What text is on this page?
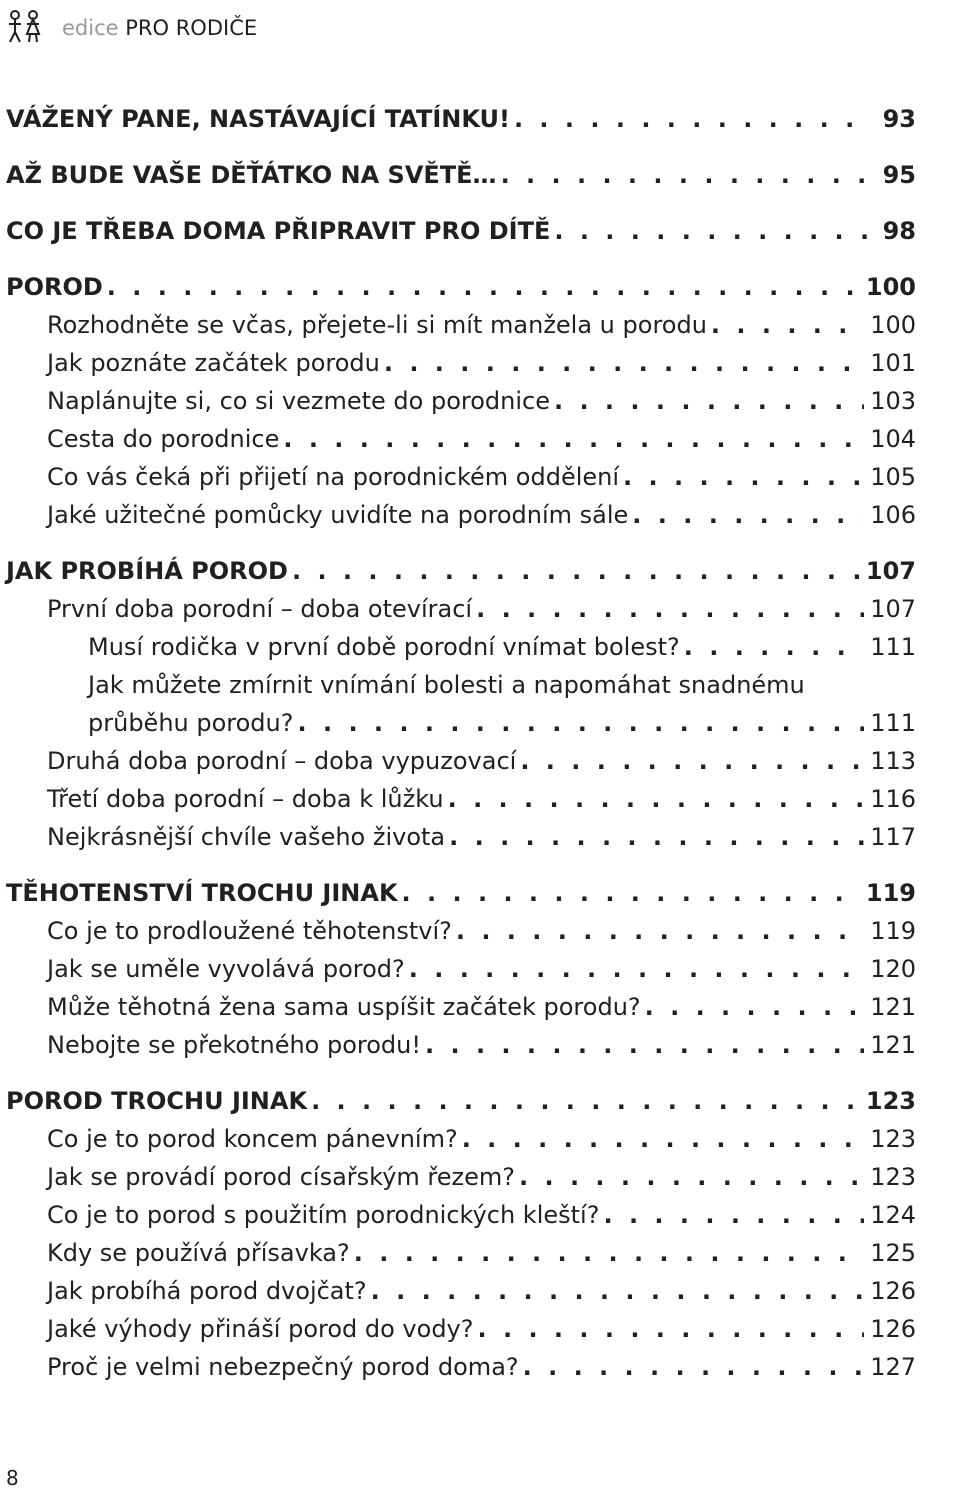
edice PRO RODIČE
VÁŽENÝ PANE, NASTÁVAJÍCÍ TATÍNKU! . . .	93
AŽ BUDE VAŠE DĚŤÁTKO NA SVĚTĚ… . . .	95
CO JE TŘEBA DOMA PŘIPRAVIT PRO DÍTĚ . . .	98
POROD . . .	100
Rozhodněte se včas, přejete-li si mít manžela u porodu . . .	100
Jak poznáte začátek porodu . . .	101
Naplánujte si, co si vezmete do porodnice . . .	103
Cesta do porodnice . . .	104
Co vás čeká při přijetí na porodnickém oddělení . . .	105
Jaké užitečné pomůcky uvidíte na porodním sále . . .	106
JAK PROBÍHÁ POROD . . .	107
První doba porodní – doba otevírací . . .	107
Musí rodička v první době porodní vnímat bolest? . . .	111
Jak můžete zmírnit vnímání bolesti a napomáhat snadnému
průběhu porodu? . . .	111
Druhá doba porodní – doba vypuzovací . . .	113
Třetí doba porodní – doba k lůžku . . .	116
Nejkrásnější chvíle vašeho života . . .	117
TĚHOTENSTVÍ TROCHU JINAK . . .	119
Co je to prodloužené těhotenství? . . .	119
Jak se uměle vyvolává porod? . . .	120
Může těhotná žena sama uspíšit začátek porodu? . . .	121
Nebojte se překotného porodu! . . .	121
POROD TROCHU JINAK . . .	123
Co je to porod koncem pánevním? . . .	123
Jak se provádí porod císařským řezem? . . .	123
Co je to porod s použitím porodnických kleští? . . .	124
Kdy se používá přísavka? . . .	125
Jak probíhá porod dvojčat? . . .	126
Jaké výhody přináší porod do vody? . . .	126
Proč je velmi nebezpečný porod doma? . . .	127
8
